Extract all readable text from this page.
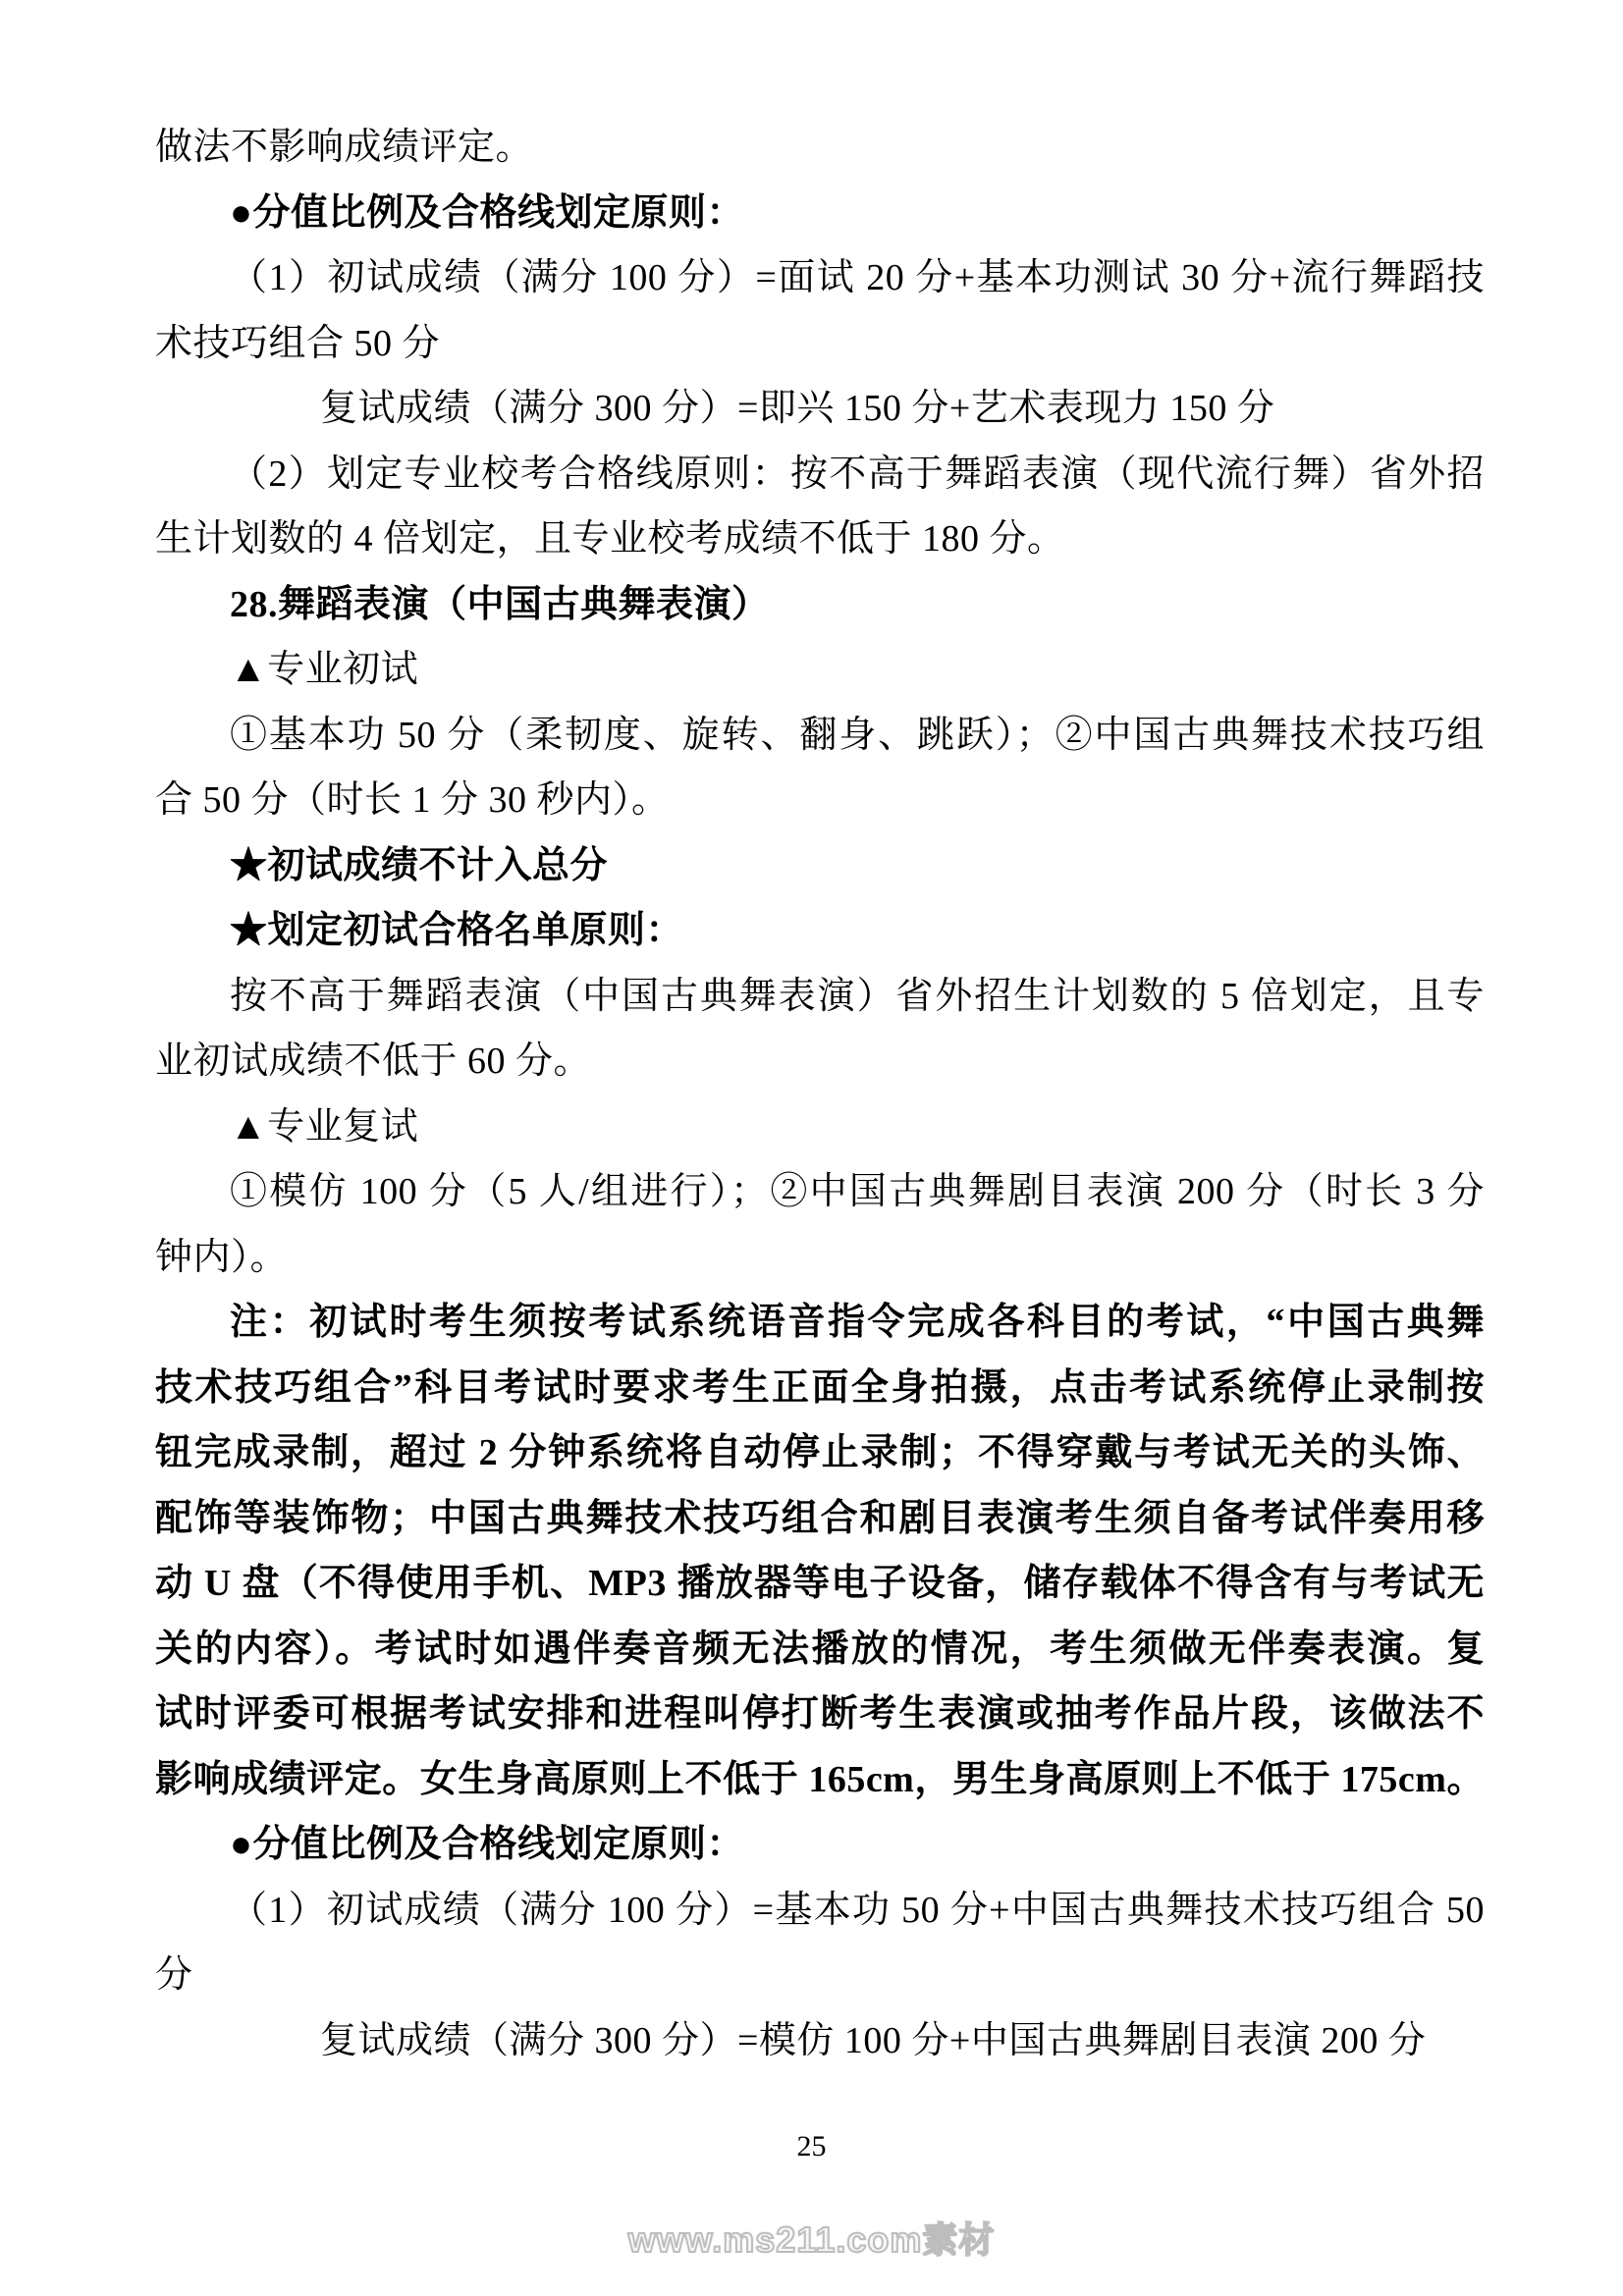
做法不影响成绩评定。
●分值比例及合格线划定原则：
（1）初试成绩（满分 100 分）=面试 20 分+基本功测试 30 分+流行舞蹈技
术技巧组合 50 分
复试成绩（满分 300 分）=即兴 150 分+艺术表现力 150 分
（2）划定专业校考合格线原则：按不高于舞蹈表演（现代流行舞）省外招
生计划数的 4 倍划定，且专业校考成绩不低于 180 分。
28.舞蹈表演（中国古典舞表演）
▲专业初试
①基本功 50 分（柔韧度、旋转、翻身、跳跃）；②中国古典舞技术技巧组
合 50 分（时长 1 分 30 秒内）。
★初试成绩不计入总分
★划定初试合格名单原则：
按不高于舞蹈表演（中国古典舞表演）省外招生计划数的 5 倍划定，且专
业初试成绩不低于 60 分。
▲专业复试
①模仿 100 分（5 人/组进行）；②中国古典舞剧目表演 200 分（时长 3 分
钟内）。
注：初试时考生须按考试系统语音指令完成各科目的考试，“中国古典舞
技术技巧组合”科目考试时要求考生正面全身拍摄，点击考试系统停止录制按
钮完成录制，超过 2 分钟系统将自动停止录制；不得穿戴与考试无关的头饰、
配饰等装饰物；中国古典舞技术技巧组合和剧目表演考生须自备考试伴奏用移
动 U 盘（不得使用手机、MP3 播放器等电子设备，储存载体不得含有与考试无
关的内容）。考试时如遇伴奏音频无法播放的情况，考生须做无伴奏表演。复
试时评委可根据考试安排和进程叫停打断考生表演或抽考作品片段，该做法不
影响成绩评定。女生身高原则上不低于 165cm，男生身高原则上不低于 175cm。
●分值比例及合格线划定原则：
（1）初试成绩（满分 100 分）=基本功 50 分+中国古典舞技术技巧组合 50
分
复试成绩（满分 300 分）=模仿 100 分+中国古典舞剧目表演 200 分
25
www.ms211.com素材
